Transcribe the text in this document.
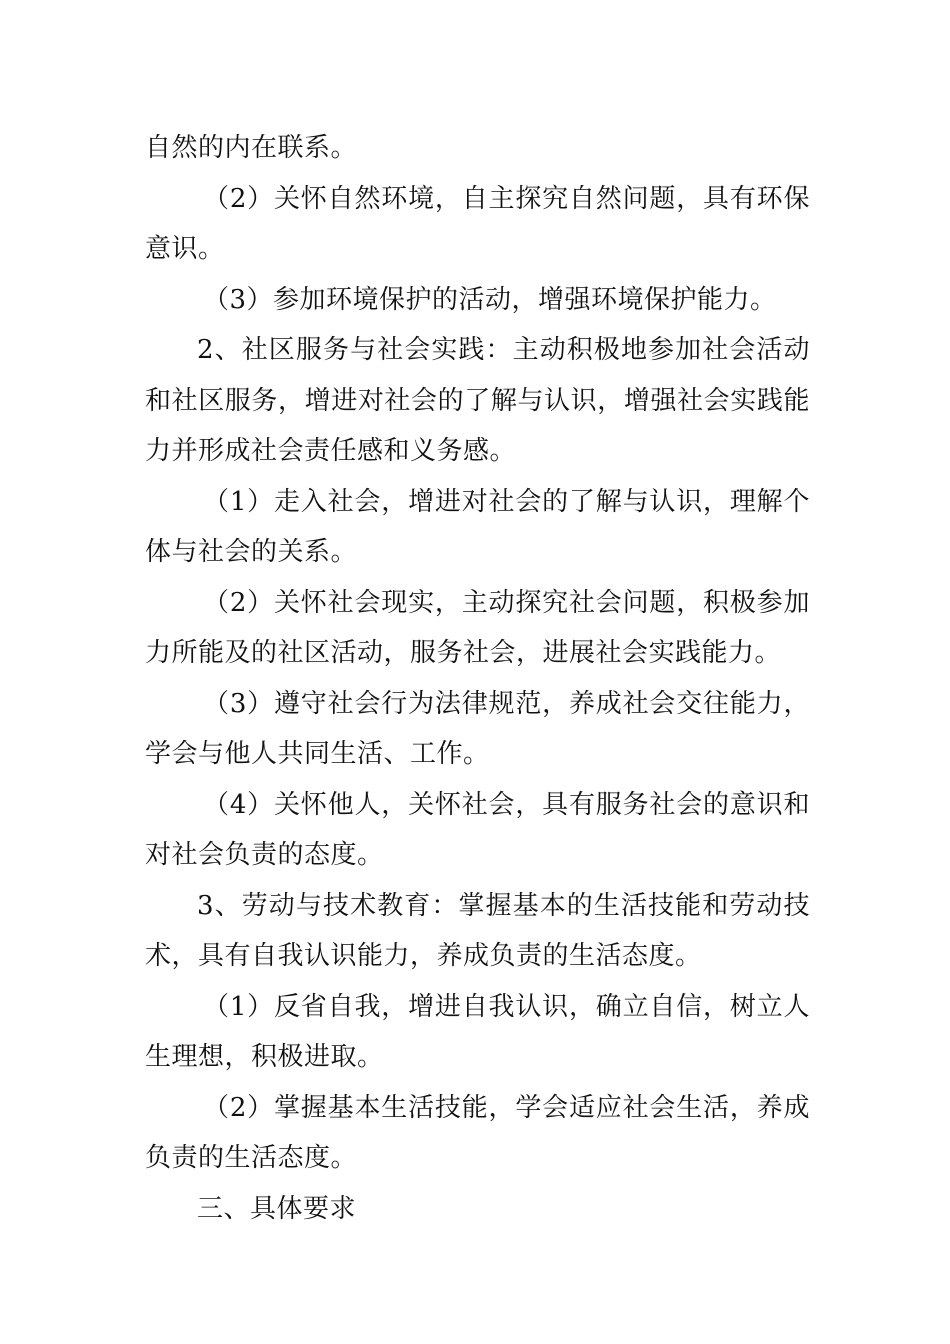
自然的内在联系。

（2）关怀自然环境，自主探究自然问题，具有环保意识。

（3）参加环境保护的活动，增强环境保护能力。

2、社区服务与社会实践：主动积极地参加社会活动和社区服务，增进对社会的了解与认识，增强社会实践能力并形成社会责任感和义务感。

（1）走入社会，增进对社会的了解与认识，理解个体与社会的关系。

（2）关怀社会现实，主动探究社会问题，积极参加力所能及的社区活动，服务社会，进展社会实践能力。

（3）遵守社会行为法律规范，养成社会交往能力，学会与他人共同生活、工作。

（4）关怀他人，关怀社会，具有服务社会的意识和对社会负责的态度。

3、劳动与技术教育：掌握基本的生活技能和劳动技术，具有自我认识能力，养成负责的生活态度。

（1）反省自我，增进自我认识，确立自信，树立人生理想，积极进取。

（2）掌握基本生活技能，学会适应社会生活，养成负责的生活态度。

三、具体要求
